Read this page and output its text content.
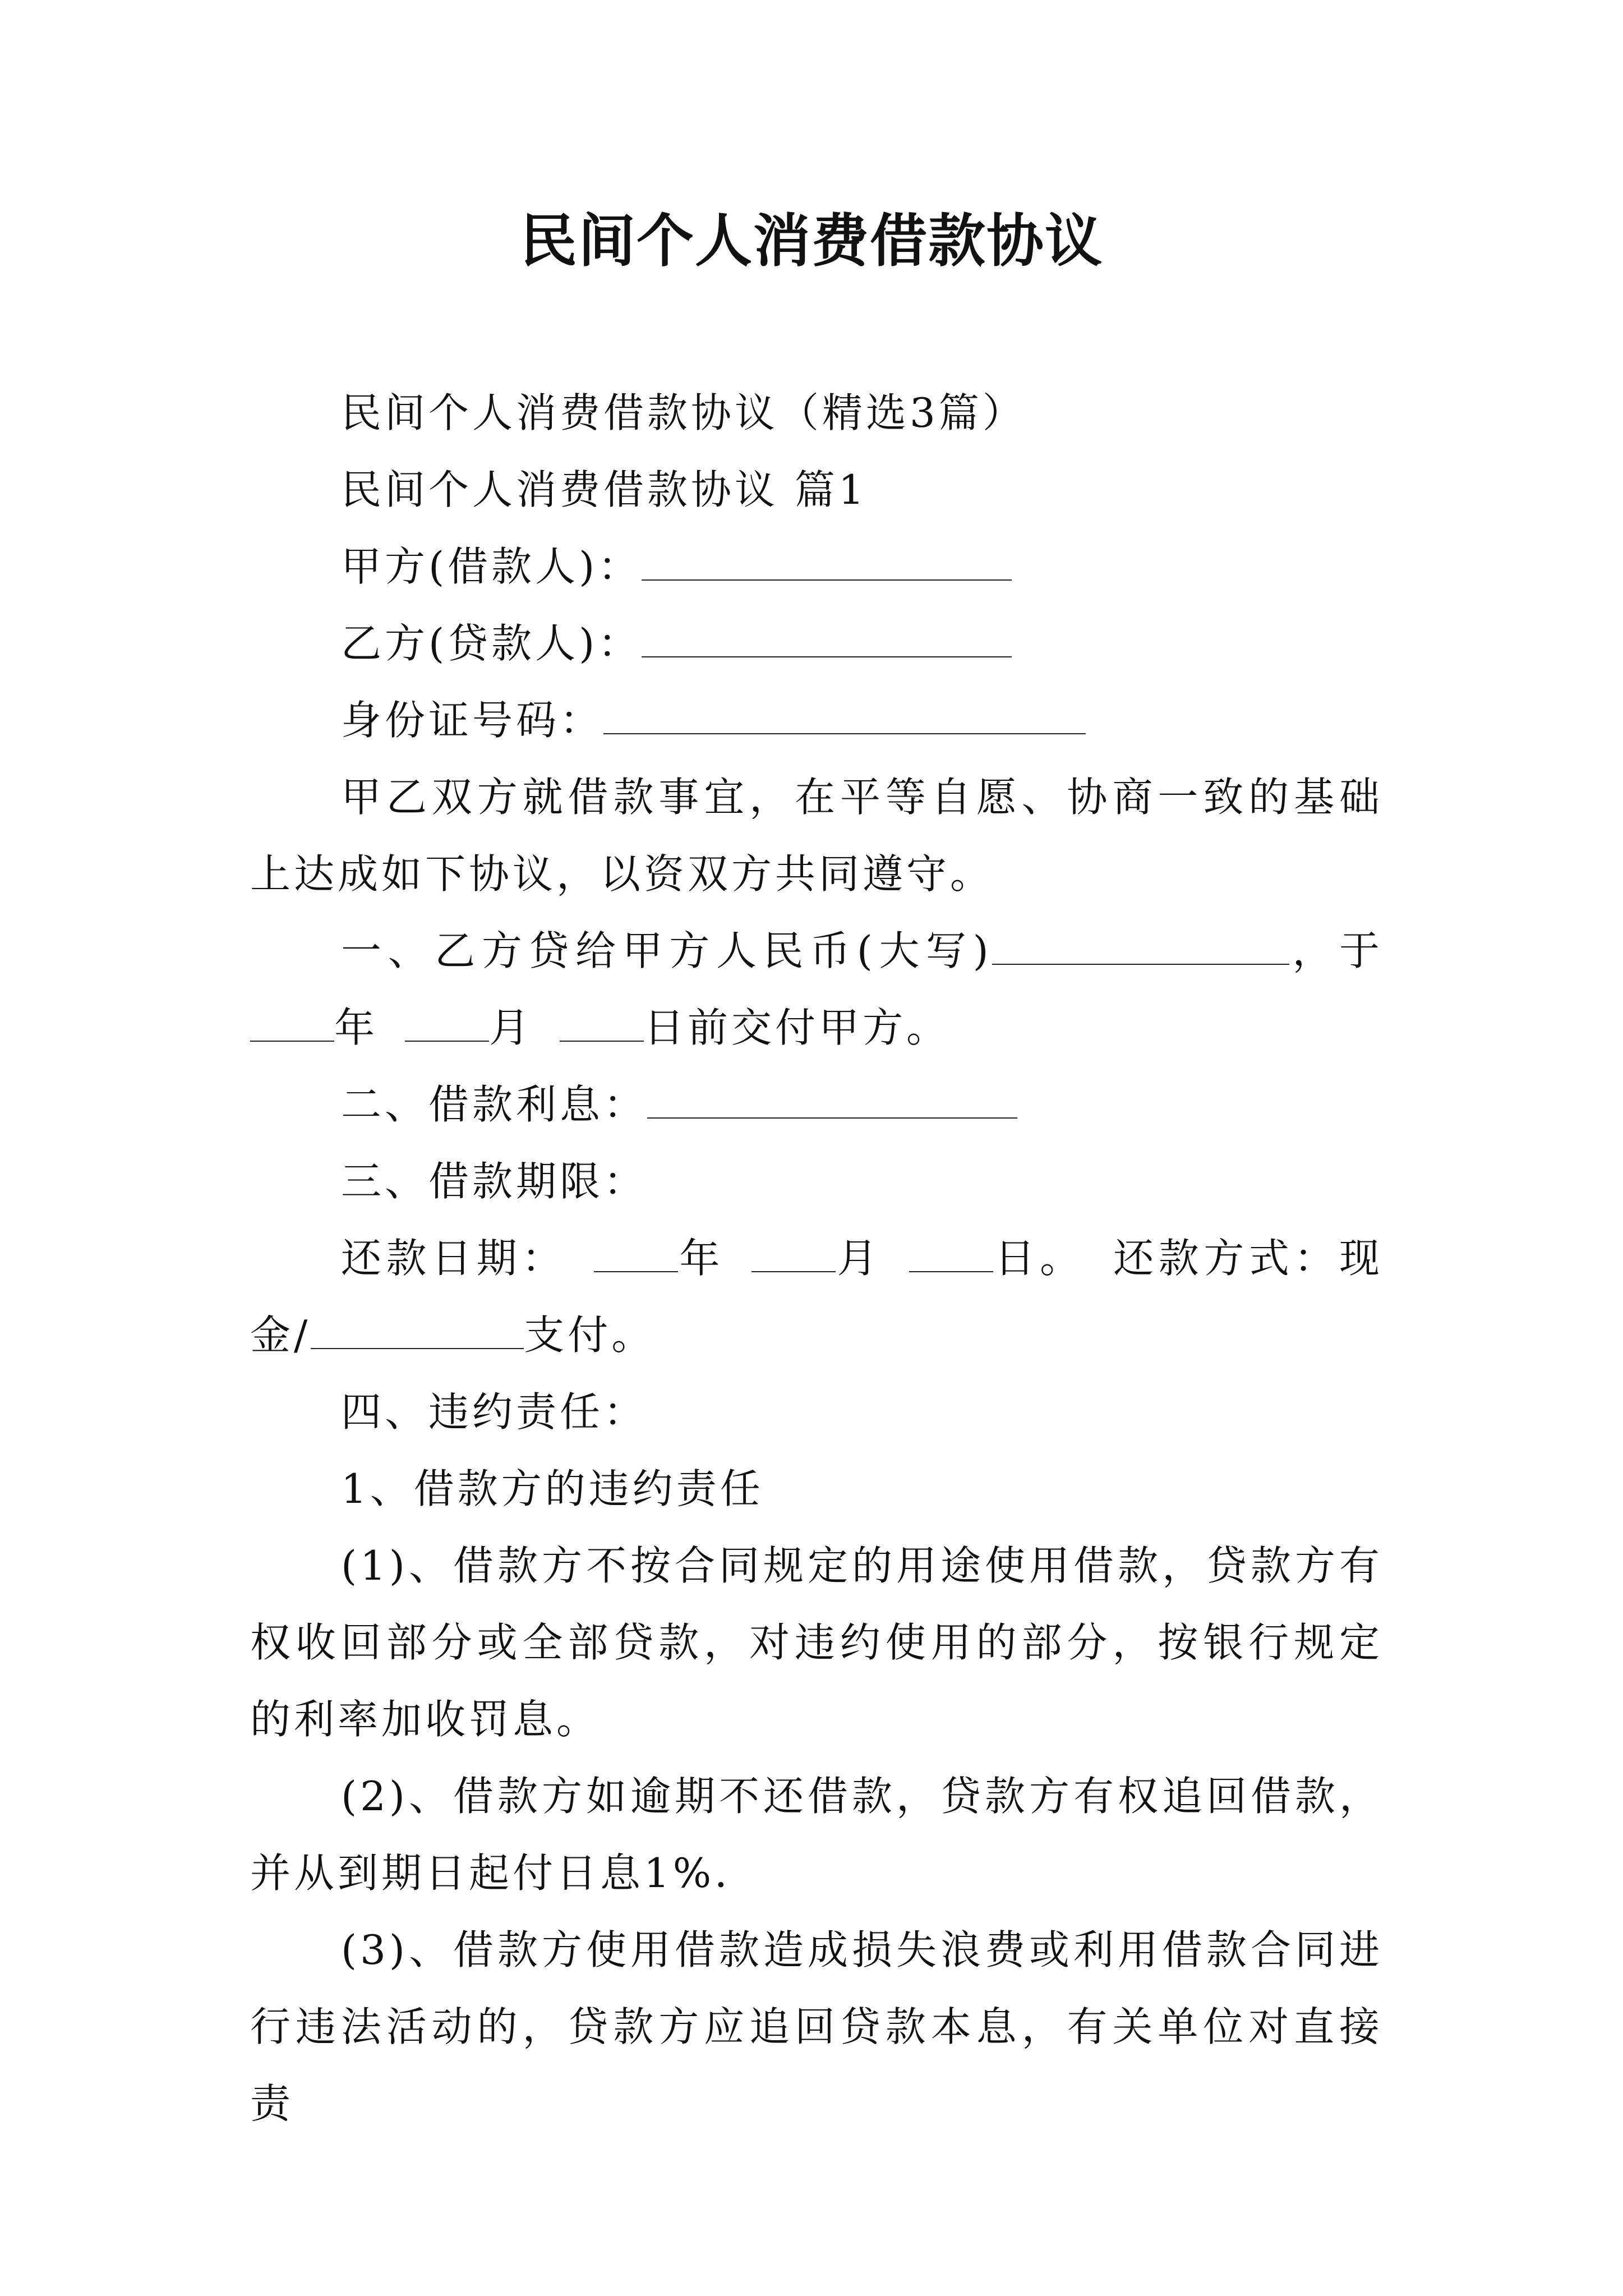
民间个人消费借款协议

民间个人消费借款协议（精选3篇）

民间个人消费借款协议 篇1

甲方(借款人)：

乙方(贷款人)：

身份证号码：

甲乙双方就借款事宜，在平等自愿、协商一致的基础上达成如下协议，以资双方共同遵守。

一、乙方贷给甲方人民币(大写)	，于年	月	日前交付甲方。

二、借款利息：

三、借款期限：

还款日期：	年	月	日。 还款方式：现金/	支付。

四、违约责任：

1、借款方的违约责任

(1)、借款方不按合同规定的用途使用借款，贷款方有权收回部分或全部贷款，对违约使用的部分，按银行规定的利率加收罚息。

(2)、借款方如逾期不还借款，贷款方有权追回借款，并从到期日起付日息1%．

(3)、借款方使用借款造成损失浪费或利用借款合同进行违法活动的，贷款方应追回贷款本息，有关单位对直接责
